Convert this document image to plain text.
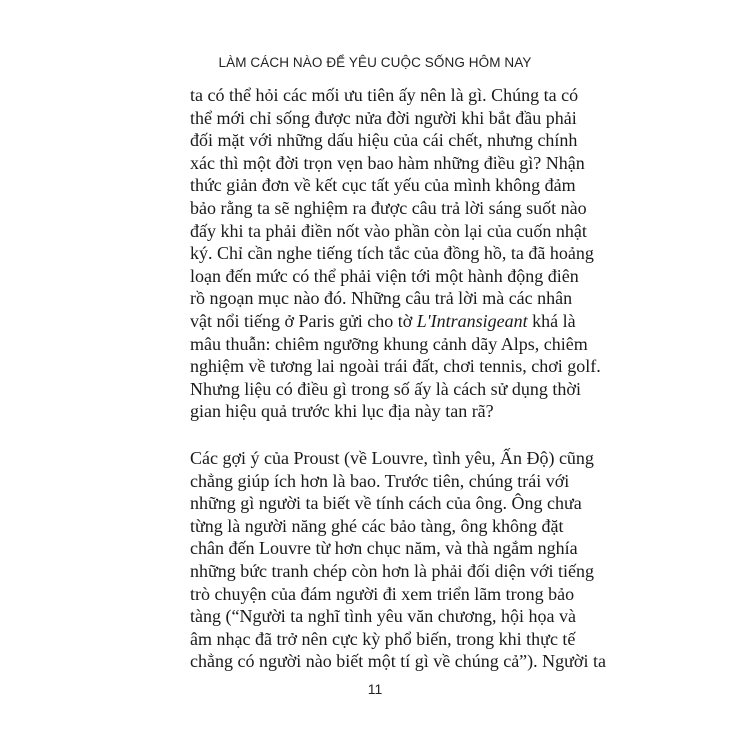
LÀM CÁCH NÀO ĐỂ YÊU CUỘC SỐNG HÔM NAY
ta có thể hỏi các mối ưu tiên ấy nên là gì. Chúng ta có
thể mới chỉ sống được nửa đời người khi bắt đầu phải
đối mặt với những dấu hiệu của cái chết, nhưng chính
xác thì một đời trọn vẹn bao hàm những điều gì? Nhận
thức giản đơn về kết cục tất yếu của mình không đảm
bảo rằng ta sẽ nghiệm ra được câu trả lời sáng suốt nào
đấy khi ta phải điền nốt vào phần còn lại của cuốn nhật
ký. Chỉ cần nghe tiếng tích tắc của đồng hồ, ta đã hoảng
loạn đến mức có thể phải viện tới một hành động điên
rồ ngoạn mục nào đó. Những câu trả lời mà các nhân
vật nổi tiếng ở Paris gửi cho tờ L'Intransigeant khá là
mâu thuẫn: chiêm ngưỡng khung cảnh dãy Alps, chiêm
nghiệm về tương lai ngoài trái đất, chơi tennis, chơi golf.
Nhưng liệu có điều gì trong số ấy là cách sử dụng thời
gian hiệu quả trước khi lục địa này tan rã?
Các gợi ý của Proust (về Louvre, tình yêu, Ấn Độ) cũng
chẳng giúp ích hơn là bao. Trước tiên, chúng trái với
những gì người ta biết về tính cách của ông. Ông chưa
từng là người năng ghé các bảo tàng, ông không đặt
chân đến Louvre từ hơn chục năm, và thà ngắm nghía
những bức tranh chép còn hơn là phải đối diện với tiếng
trò chuyện của đám người đi xem triển lãm trong bảo
tàng (“Người ta nghĩ tình yêu văn chương, hội họa và
âm nhạc đã trở nên cực kỳ phổ biến, trong khi thực tế
chẳng có người nào biết một tí gì về chúng cả”). Người ta
11
